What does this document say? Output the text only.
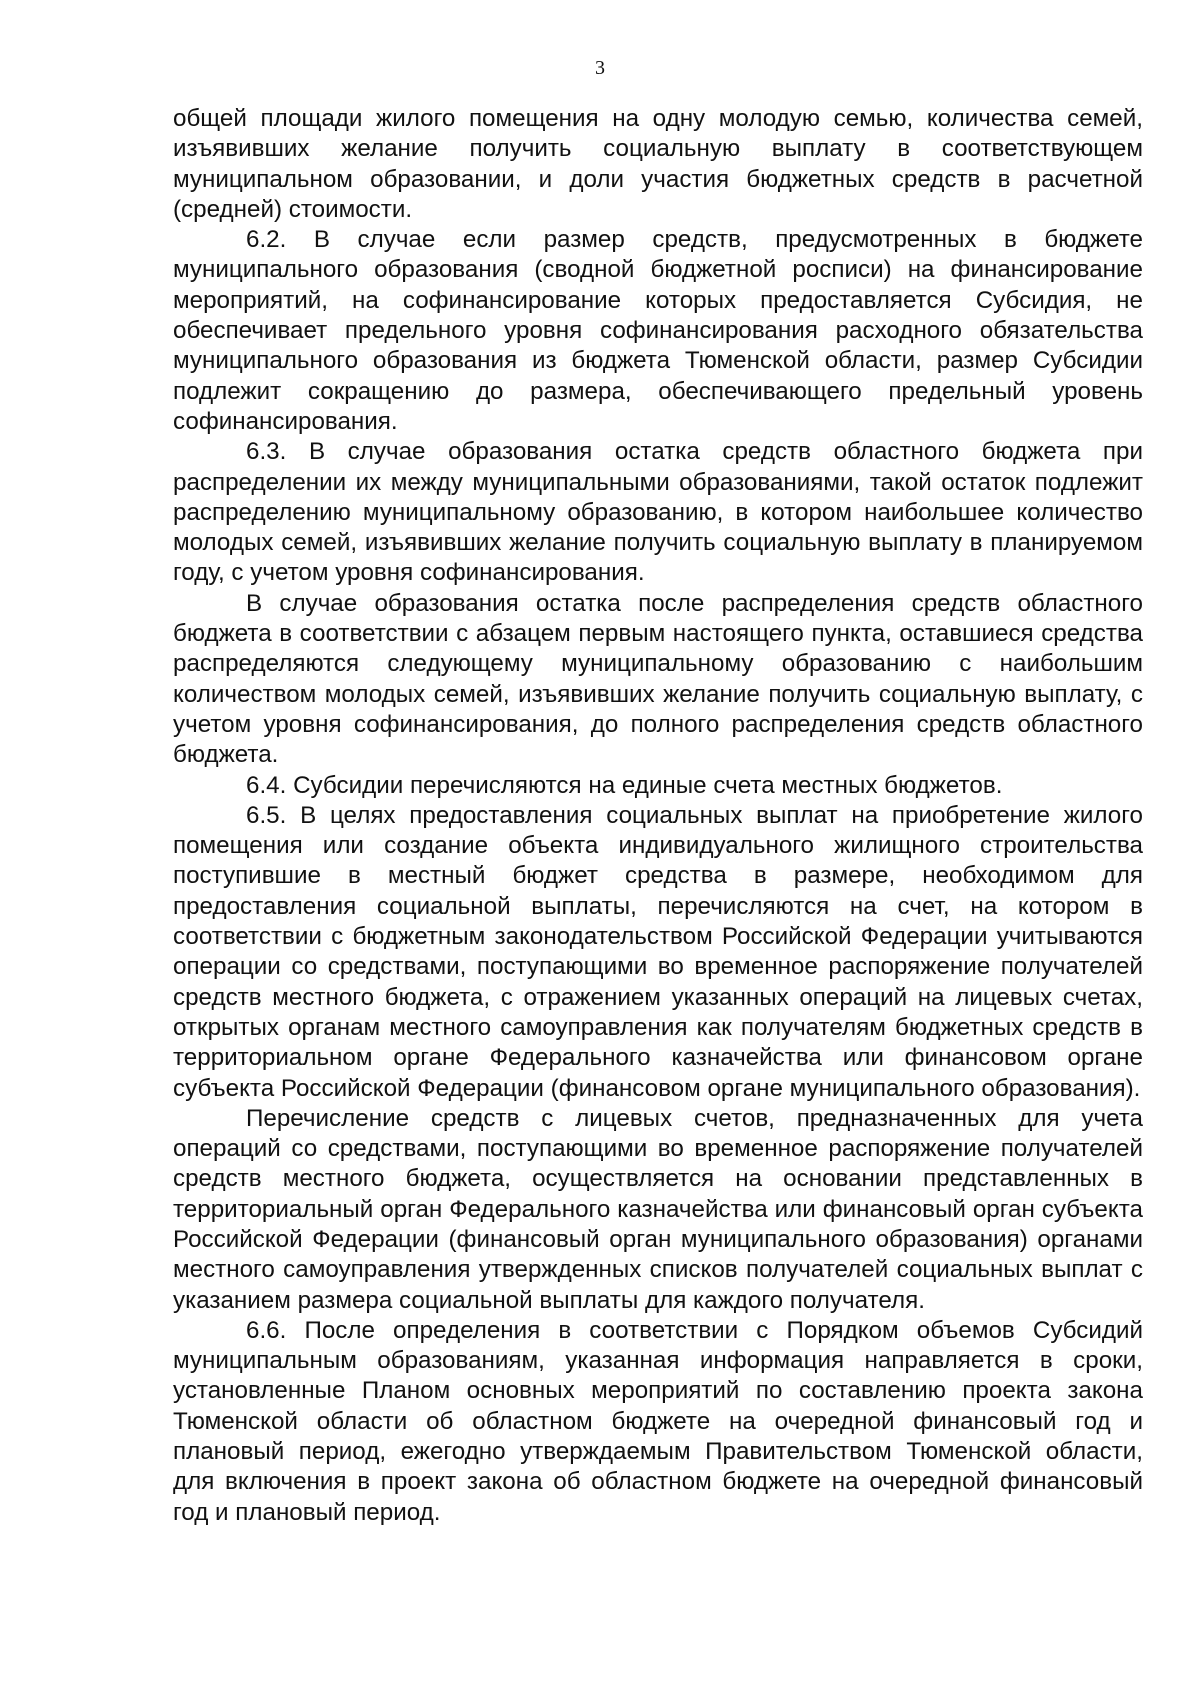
3

общей площади жилого помещения на одну молодую семью, количества семей, изъявивших желание получить социальную выплату в соответствующем муниципальном образовании, и доли участия бюджетных средств в расчетной (средней) стоимости.

6.2. В случае если размер средств, предусмотренных в бюджете муниципального образования (сводной бюджетной росписи) на финансирование мероприятий, на софинансирование которых предоставляется Субсидия, не обеспечивает предельного уровня софинансирования расходного обязательства муниципального образования из бюджета Тюменской области, размер Субсидии подлежит сокращению до размера, обеспечивающего предельный уровень софинансирования.

6.3. В случае образования остатка средств областного бюджета при распределении их между муниципальными образованиями, такой остаток подлежит распределению муниципальному образованию, в котором наибольшее количество молодых семей, изъявивших желание получить социальную выплату в планируемом году, с учетом уровня софинансирования.

В случае образования остатка после распределения средств областного бюджета в соответствии с абзацем первым настоящего пункта, оставшиеся средства распределяются следующему муниципальному образованию с наибольшим количеством молодых семей, изъявивших желание получить социальную выплату, с учетом уровня софинансирования, до полного распределения средств областного бюджета.

6.4. Субсидии перечисляются на единые счета местных бюджетов.

6.5. В целях предоставления социальных выплат на приобретение жилого помещения или создание объекта индивидуального жилищного строительства поступившие в местный бюджет средства в размере, необходимом для предоставления социальной выплаты, перечисляются на счет, на котором в соответствии с бюджетным законодательством Российской Федерации учитываются операции со средствами, поступающими во временное распоряжение получателей средств местного бюджета, с отражением указанных операций на лицевых счетах, открытых органам местного самоуправления как получателям бюджетных средств в территориальном органе Федерального казначейства или финансовом органе субъекта Российской Федерации (финансовом органе муниципального образования).

Перечисление средств с лицевых счетов, предназначенных для учета операций со средствами, поступающими во временное распоряжение получателей средств местного бюджета, осуществляется на основании представленных в территориальный орган Федерального казначейства или финансовый орган субъекта Российской Федерации (финансовый орган муниципального образования) органами местного самоуправления утвержденных списков получателей социальных выплат с указанием размера социальной выплаты для каждого получателя.

6.6. После определения в соответствии с Порядком объемов Субсидий муниципальным образованиям, указанная информация направляется в сроки, установленные Планом основных мероприятий по составлению проекта закона Тюменской области об областном бюджете на очередной финансовый год и плановый период, ежегодно утверждаемым Правительством Тюменской области, для включения в проект закона об областном бюджете на очередной финансовый год и плановый период.
